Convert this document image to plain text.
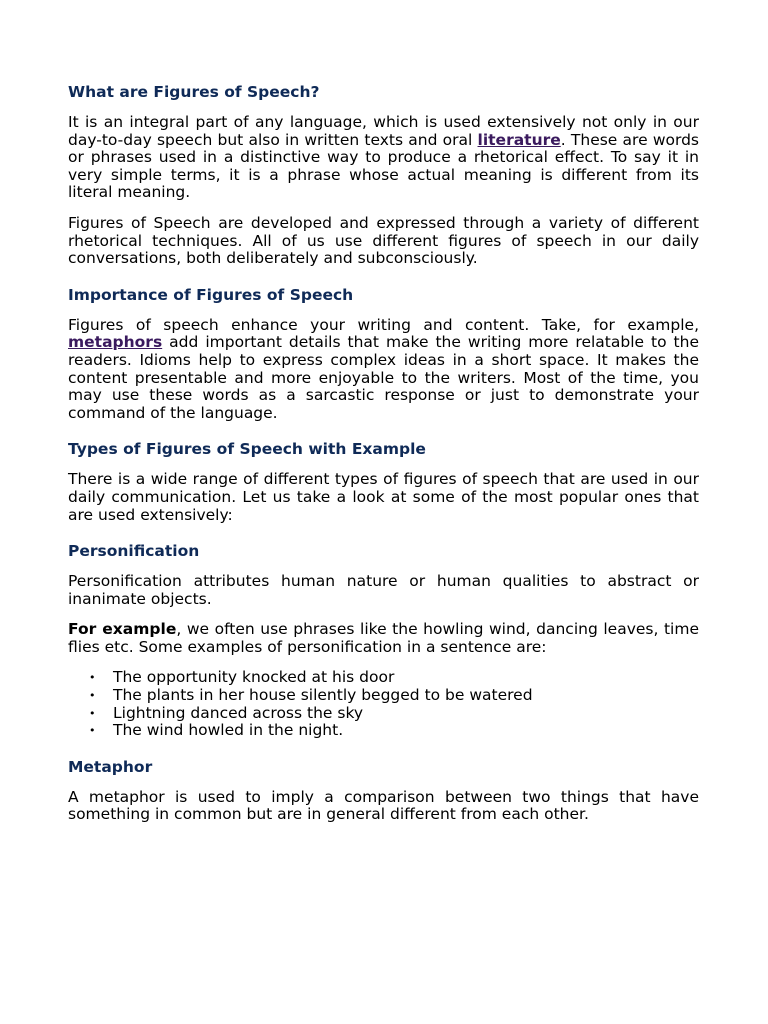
What are Figures of Speech?

It is an integral part of any language, which is used extensively not only in our day-to-day speech but also in written texts and oral literature. These are words or phrases used in a distinctive way to produce a rhetorical effect. To say it in very simple terms, it is a phrase whose actual meaning is different from its literal meaning.

Figures of Speech are developed and expressed through a variety of different rhetorical techniques. All of us use different figures of speech in our daily conversations, both deliberately and subconsciously.

Importance of Figures of Speech

Figures of speech enhance your writing and content. Take, for example, metaphors add important details that make the writing more relatable to the readers. Idioms help to express complex ideas in a short space. It makes the content presentable and more enjoyable to the writers. Most of the time, you may use these words as a sarcastic response or just to demonstrate your command of the language.

Types of Figures of Speech with Example

There is a wide range of different types of figures of speech that are used in our daily communication. Let us take a look at some of the most popular ones that are used extensively:

Personification

Personification attributes human nature or human qualities to abstract or inanimate objects.

For example, we often use phrases like the howling wind, dancing leaves, time flies etc. Some examples of personification in a sentence are:

• The opportunity knocked at his door
• The plants in her house silently begged to be watered
• Lightning danced across the sky
• The wind howled in the night.
Metaphor

A metaphor is used to imply a comparison between two things that have something in common but are in general different from each other.
